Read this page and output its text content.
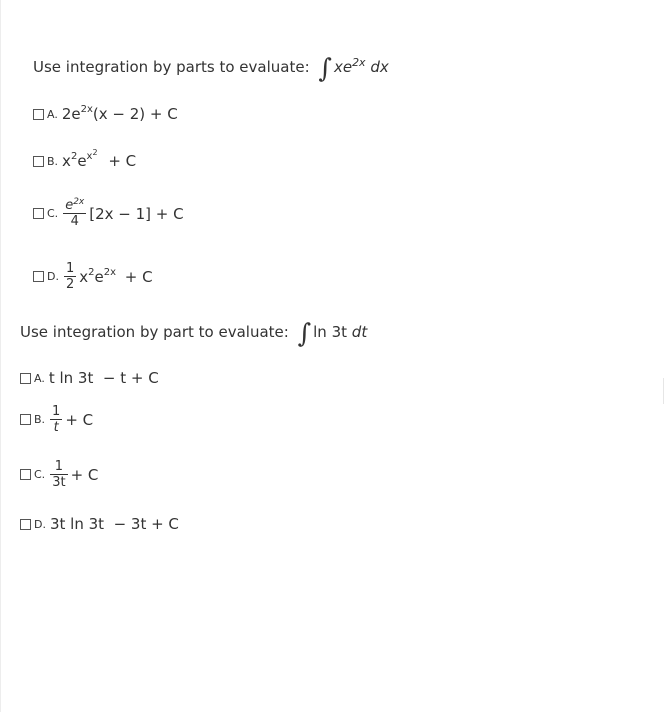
Use integration by parts to evaluate: ∫ $xe^{2x}$ dx
A. $2e^{2x}(x - 2) + C$
B. $x^2e^{x^2} + C$
C. $\frac{e^{2x}}{4} [2x - 1] + C$
D. $\frac{1}{2} x^2e^{2x} + C$
Use integration by part to evaluate: ∫ ln 3t dt
A. t ln 3t  − t + C
B. $\frac{1}{t} + C$
C. $\frac{1}{3t} + C$
D. 3t ln 3t  − 3t + C
